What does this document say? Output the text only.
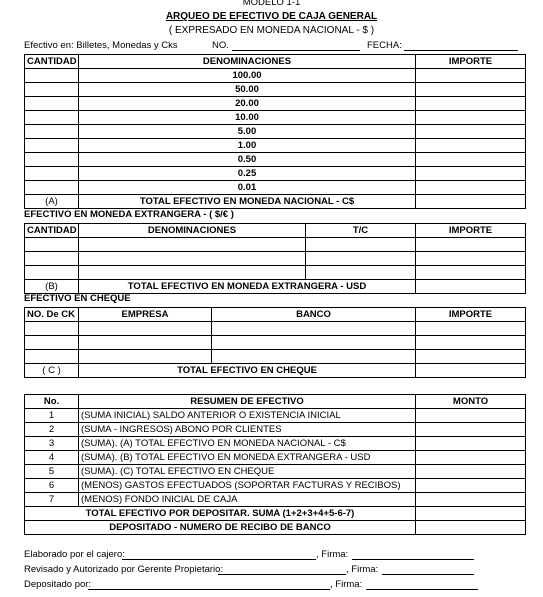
MODELO 1-1
ARQUEO DE EFECTIVO DE CAJA GENERAL
( EXPRESADO EN MONEDA NACIONAL - $ )
Efectivo en: Billetes, Monedas y Cks	NO.	FECHA:
CANTIDAD	DENOMINACIONES	IMPORTE
	100.00	
	50.00	
	20.00	
	10.00	
	5.00	
	1.00	
	0.50	
	0.25	
	0.01	
(A)	TOTAL EFECTIVO EN MONEDA NACIONAL - C$	
EFECTIVO EN MONEDA EXTRANGERA - ( $/€ )
CANTIDAD	DENOMINACIONES	T/C	IMPORTE

(B)	TOTAL EFECTIVO EN MONEDA EXTRANGERA - USD		
EFECTIVO EN CHEQUE
NO. De CK	EMPRESA	BANCO	IMPORTE

( C )	TOTAL EFECTIVO EN CHEQUE		
No.	RESUMEN DE EFECTIVO	MONTO
1	(SUMA INICIAL) SALDO ANTERIOR O EXISTENCIA INICIAL	
2	(SUMA - INGRESOS) ABONO POR CLIENTES	
3	(SUMA). (A) TOTAL EFECTIVO EN MONEDA NACIONAL - C$	
4	(SUMA). (B) TOTAL EFECTIVO EN MONEDA EXTRANGERA - USD	
5	(SUMA). (C) TOTAL EFECTIVO EN CHEQUE	
6	(MENOS) GASTOS EFECTUADOS (SOPORTAR FACTURAS Y RECIBOS)	
7	(MENOS) FONDO INICIAL DE CAJA	
TOTAL EFECTIVO POR DEPOSITAR. SUMA (1+2+3+4+5-6-7)		
DEPOSITADO - NUMERO DE RECIBO DE BANCO		
Elaborado por el cajero:	, Firma:
Revisado y Autorizado por Gerente Propietario:	, Firma:
Depositado por:	, Firma:
